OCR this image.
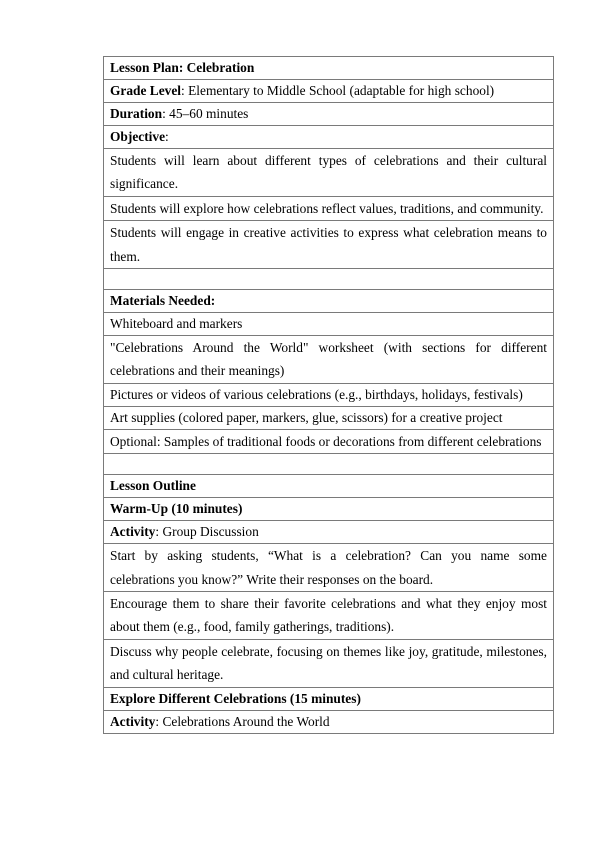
Lesson Plan: Celebration
Grade Level: Elementary to Middle School (adaptable for high school)
Duration: 45–60 minutes
Objective:
Students will learn about different types of celebrations and their cultural significance.
Students will explore how celebrations reflect values, traditions, and community.
Students will engage in creative activities to express what celebration means to them.

Materials Needed:
Whiteboard and markers
"Celebrations Around the World" worksheet (with sections for different celebrations and their meanings)
Pictures or videos of various celebrations (e.g., birthdays, holidays, festivals)
Art supplies (colored paper, markers, glue, scissors) for a creative project
Optional: Samples of traditional foods or decorations from different celebrations

Lesson Outline
Warm-Up (10 minutes)
Activity: Group Discussion
Start by asking students, “What is a celebration? Can you name some celebrations you know?” Write their responses on the board.
Encourage them to share their favorite celebrations and what they enjoy most about them (e.g., food, family gatherings, traditions).
Discuss why people celebrate, focusing on themes like joy, gratitude, milestones, and cultural heritage.
Explore Different Celebrations (15 minutes)
Activity: Celebrations Around the World
